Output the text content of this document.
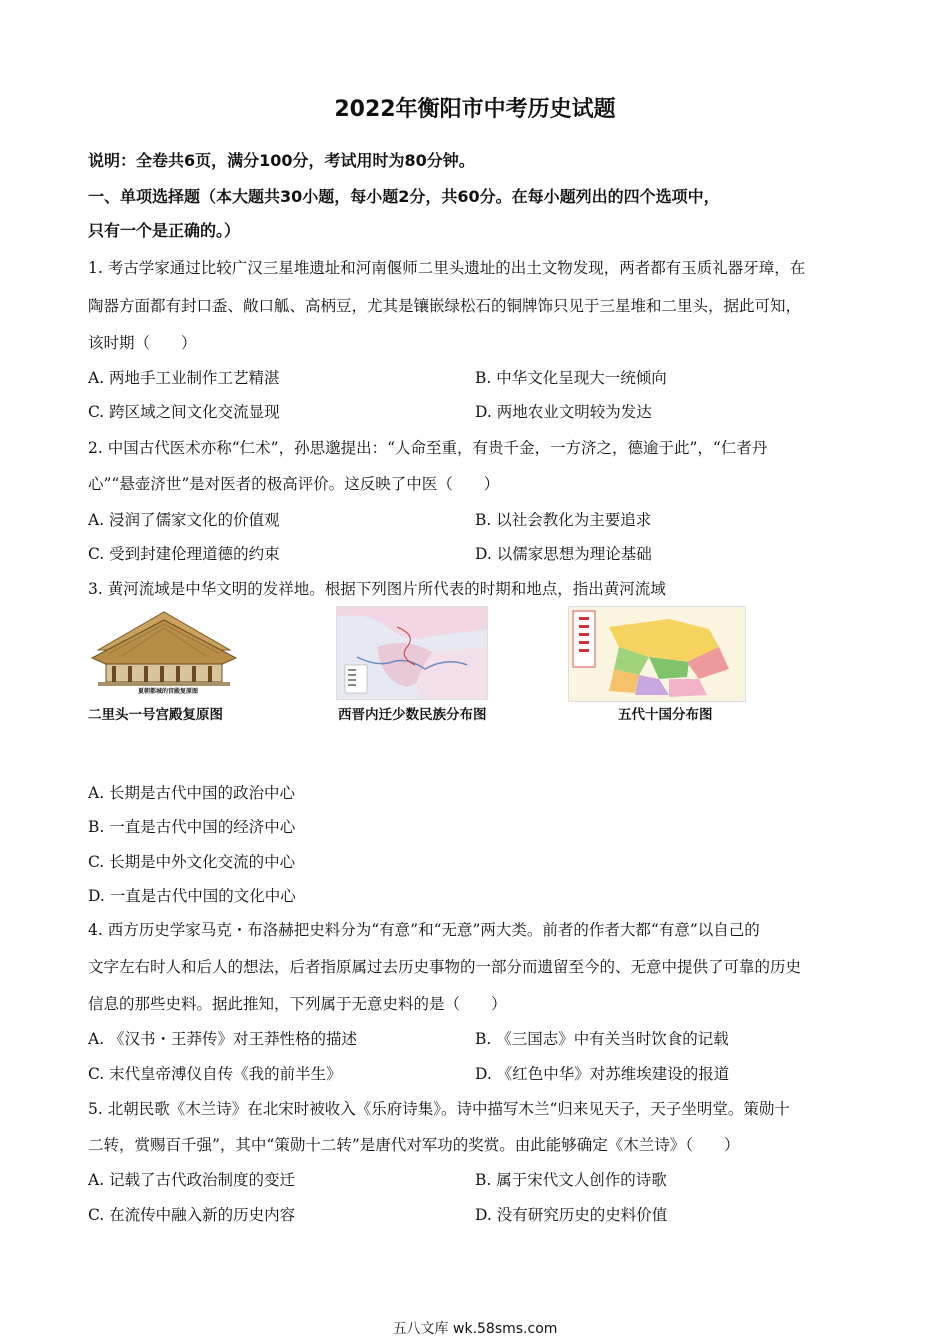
2022年衡阳市中考历史试题
说明：全卷共6页，满分100分，考试用时为80分钟。
一、单项选择题（本大题共30小题，每小题2分，共60分。在每小题列出的四个选项中，
只有一个是正确的。）
1. 考古学家通过比较广汉三星堆遗址和河南偃师二里头遗址的出土文物发现，两者都有玉质礼器牙璋，在
陶器方面都有封口盉、敞口觚、高柄豆，尤其是镶嵌绿松石的铜牌饰只见于三星堆和二里头，据此可知，
该时期（　　）
A. 两地手工业制作工艺精湛	B. 中华文化呈现大一统倾向
C. 跨区域之间文化交流显现	D. 两地农业文明较为发达
2. 中国古代医术亦称“仁术”，孙思邈提出：“人命至重，有贵千金，一方济之，德逾于此”，“仁者丹
心”“悬壶济世”是对医者的极高评价。这反映了中医（　　）
A. 浸润了儒家文化的价值观	B. 以社会教化为主要追求
C. 受到封建伦理道德的约束	D. 以儒家思想为理论基础
3. 黄河流域是中华文明的发祥地。根据下列图片所代表的时期和地点，指出黄河流域
夏朝都城的宫殿复原图
二里头一号宫殿复原图	西晋内迁少数民族分布图	五代十国分布图
A. 长期是古代中国的政治中心
B. 一直是古代中国的经济中心
C. 长期是中外文化交流的中心
D. 一直是古代中国的文化中心
4. 西方历史学家马克・布洛赫把史料分为“有意”和“无意”两大类。前者的作者大都“有意”以自己的
文字左右时人和后人的想法，后者指原属过去历史事物的一部分而遗留至今的、无意中提供了可靠的历史
信息的那些史料。据此推知，下列属于无意史料的是（　　）
A. 《汉书・王莽传》对王莽性格的描述	B. 《三国志》中有关当时饮食的记载
C. 末代皇帝溥仪自传《我的前半生》	D. 《红色中华》对苏维埃建设的报道
5. 北朝民歌《木兰诗》在北宋时被收入《乐府诗集》。诗中描写木兰“归来见天子，天子坐明堂。策勋十
二转，赏赐百千强”，其中“策勋十二转”是唐代对军功的奖赏。由此能够确定《木兰诗》（　　）
A. 记载了古代政治制度的变迁	B. 属于宋代文人创作的诗歌
C. 在流传中融入新的历史内容	D. 没有研究历史的史料价值
五八文库 wk.58sms.com
